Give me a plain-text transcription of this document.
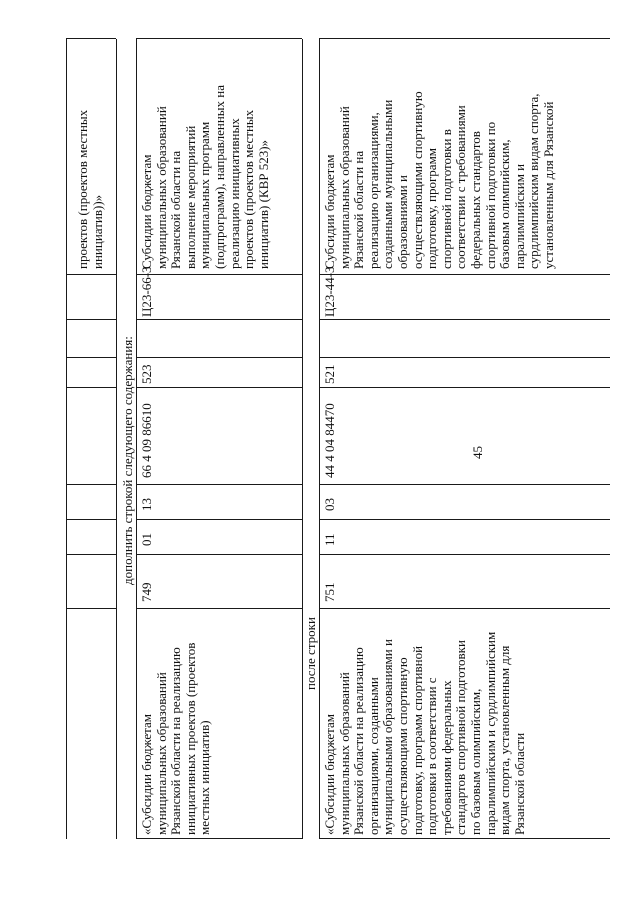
45
проектов (проектов местных
инициатив))»
дополнить строкой следующего содержания:
«Субсидии бюджетам
муниципальных образований
Рязанской области на реализацию
инициативных проектов (проектов
местных инициатив)
749
01
13
66 4 09 86610
523
Ц23-66-3
Субсидии бюджетам
муниципальных образований
Рязанской области на
выполнение мероприятий
муниципальных программ
(подпрограмм), направленных на
реализацию инициативных
проектов (проектов местных
инициатив) (КВР 523)»
после строки
«Субсидии бюджетам
муниципальных образований
Рязанской области на реализацию
организациями, созданными
муниципальными образованиями и
осуществляющими спортивную
подготовку, программ спортивной
подготовки в соответствии с
требованиями федеральных
стандартов спортивной подготовки
по базовым олимпийским,
паралимпийским и сурдлимпийским
видам спорта, установленным для
Рязанской области
751
11
03
44 4 04 84470
521
Ц23-44-3
Субсидии бюджетам
муниципальных образований
Рязанской области на
реализацию организациями,
созданными муниципальными
образованиями и
осуществляющими спортивную
подготовку, программ
спортивной подготовки в
соответствии с требованиями
федеральных стандартов
спортивной подготовки по
базовым олимпийским,
паралимпийским и
сурдлимпийским видам спорта,
установленным для Рязанской
